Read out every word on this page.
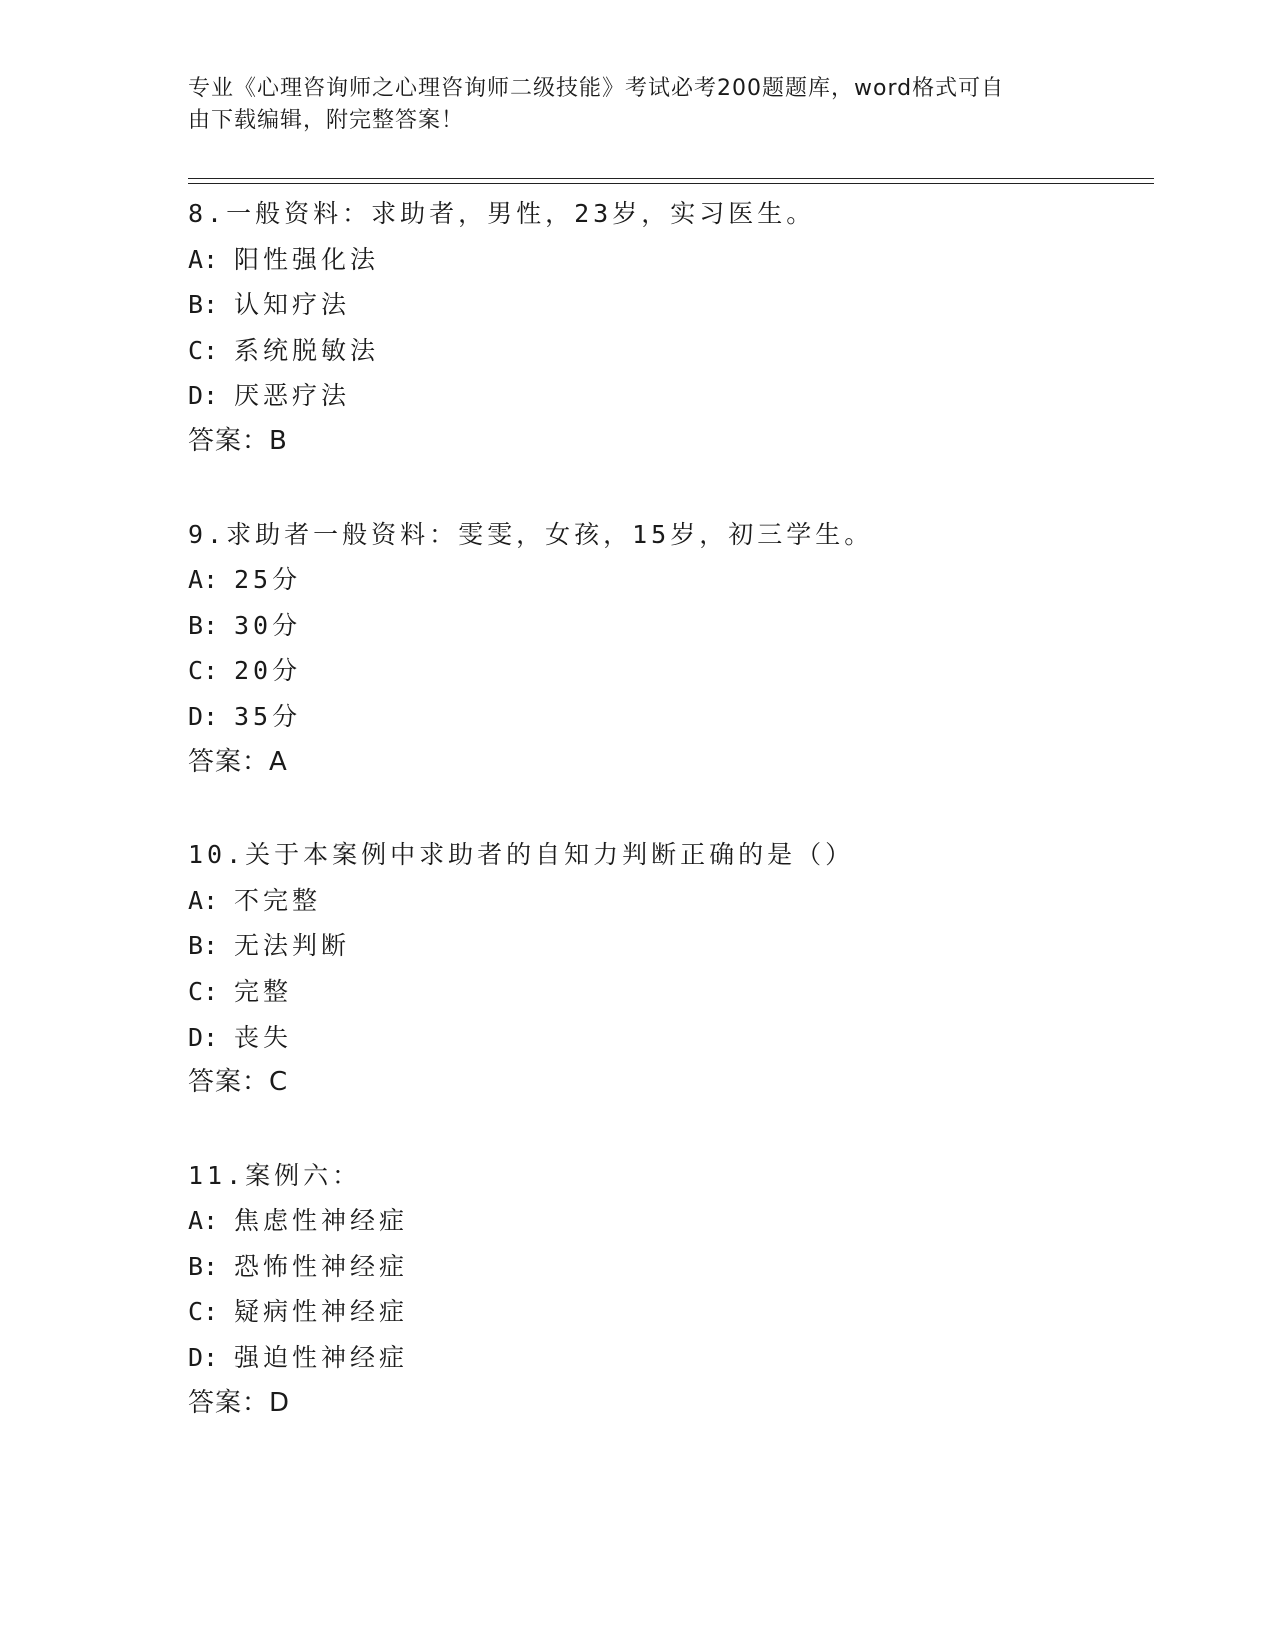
专业《心理咨询师之心理咨询师二级技能》考试必考200题题库，word格式可自
由下载编辑，附完整答案！
8.一般资料：求助者，男性，23岁，实习医生。
A: 阳性强化法
B: 认知疗法
C: 系统脱敏法
D: 厌恶疗法
答案：B
9.求助者一般资料：雯雯，女孩，15岁，初三学生。
A: 25分
B: 30分
C: 20分
D: 35分
答案：A
10.关于本案例中求助者的自知力判断正确的是（）
A: 不完整
B: 无法判断
C: 完整
D: 丧失
答案：C
11.案例六：
A: 焦虑性神经症
B: 恐怖性神经症
C: 疑病性神经症
D: 强迫性神经症
答案：D
